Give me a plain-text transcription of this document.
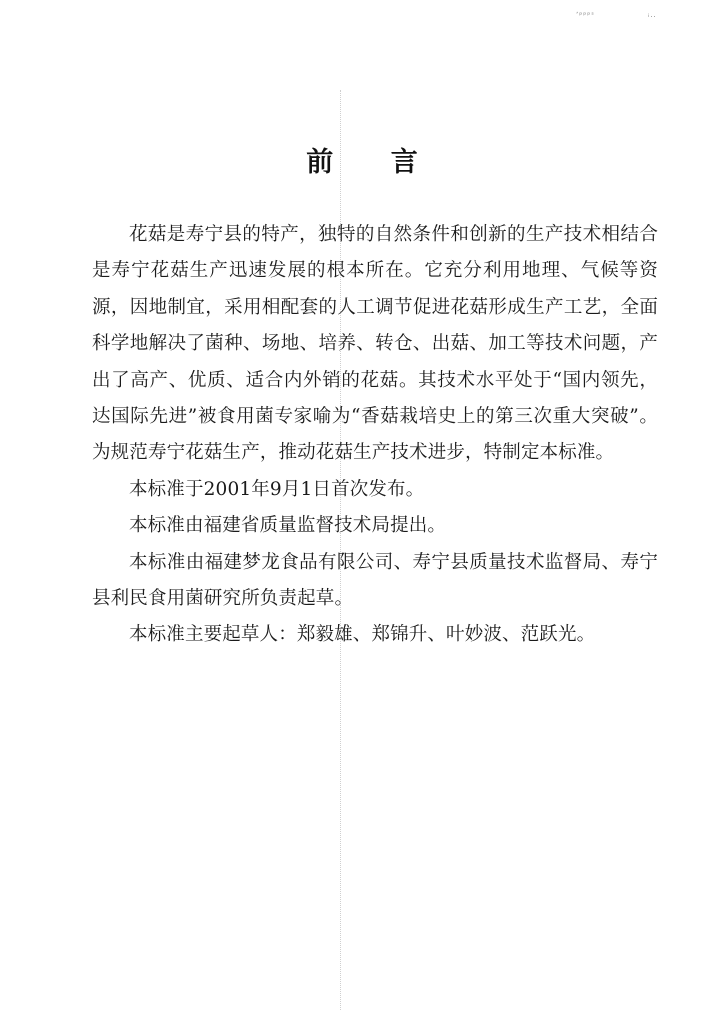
ʼᵖᵖᵖˢ	ᵢ..
前 言

花菇是寿宁县的特产，独特的自然条件和创新的生产技术相结合是寿宁花菇生产迅速发展的根本所在。它充分利用地理、气候等资源，因地制宜，采用相配套的人工调节促进花菇形成生产工艺，全面科学地解决了菌种、场地、培养、转仓、出菇、加工等技术问题，产出了高产、优质、适合内外销的花菇。其技术水平处于“国内领先，达国际先进”被食用菌专家喻为“香菇栽培史上的第三次重大突破”。为规范寿宁花菇生产，推动花菇生产技术进步，特制定本标准。

本标准于2001年9月1日首次发布。

本标准由福建省质量监督技术局提出。

本标准由福建梦龙食品有限公司、寿宁县质量技术监督局、寿宁县利民食用菌研究所负责起草。

本标准主要起草人：郑毅雄、郑锦升、叶妙波、范跃光。
